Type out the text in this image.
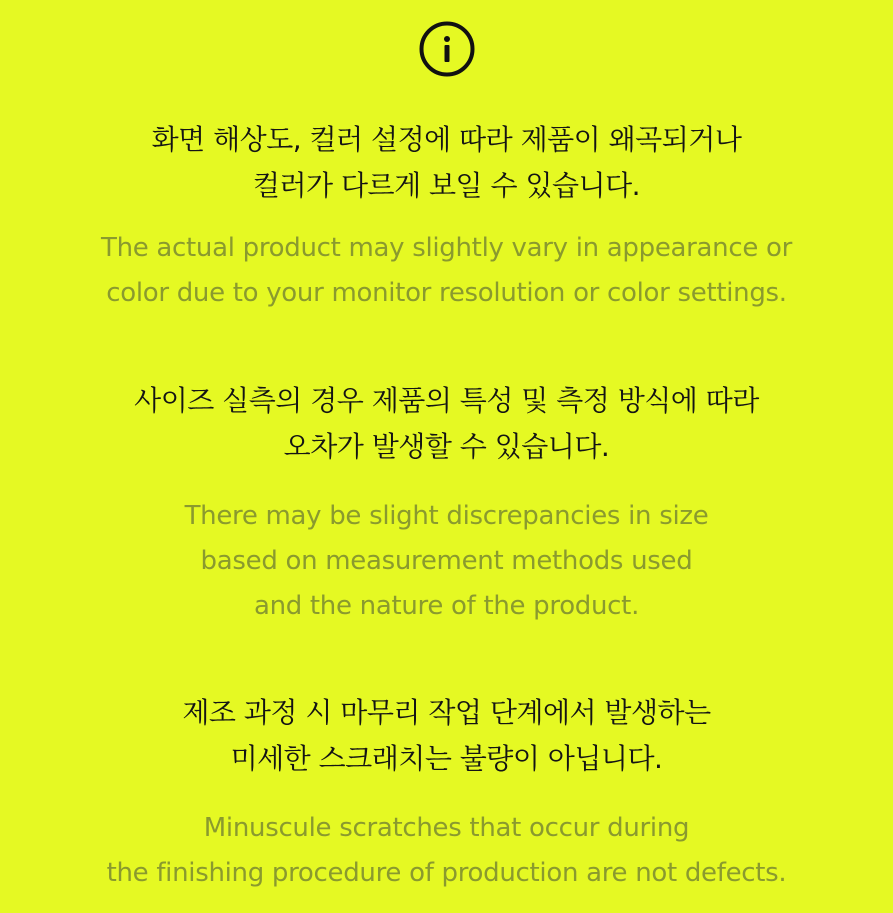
화면 해상도, 컬러 설정에 따라 제품이 왜곡되거나
컬러가 다르게 보일 수 있습니다.
The actual product may slightly vary in appearance or
color due to your monitor resolution or color settings.
사이즈 실측의 경우 제품의 특성 및 측정 방식에 따라
오차가 발생할 수 있습니다.
There may be slight discrepancies in size
based on measurement methods used
and the nature of the product.
제조 과정 시 마무리 작업 단계에서 발생하는
미세한 스크래치는 불량이 아닙니다.
Minuscule scratches that occur during
the finishing procedure of production are not defects.
